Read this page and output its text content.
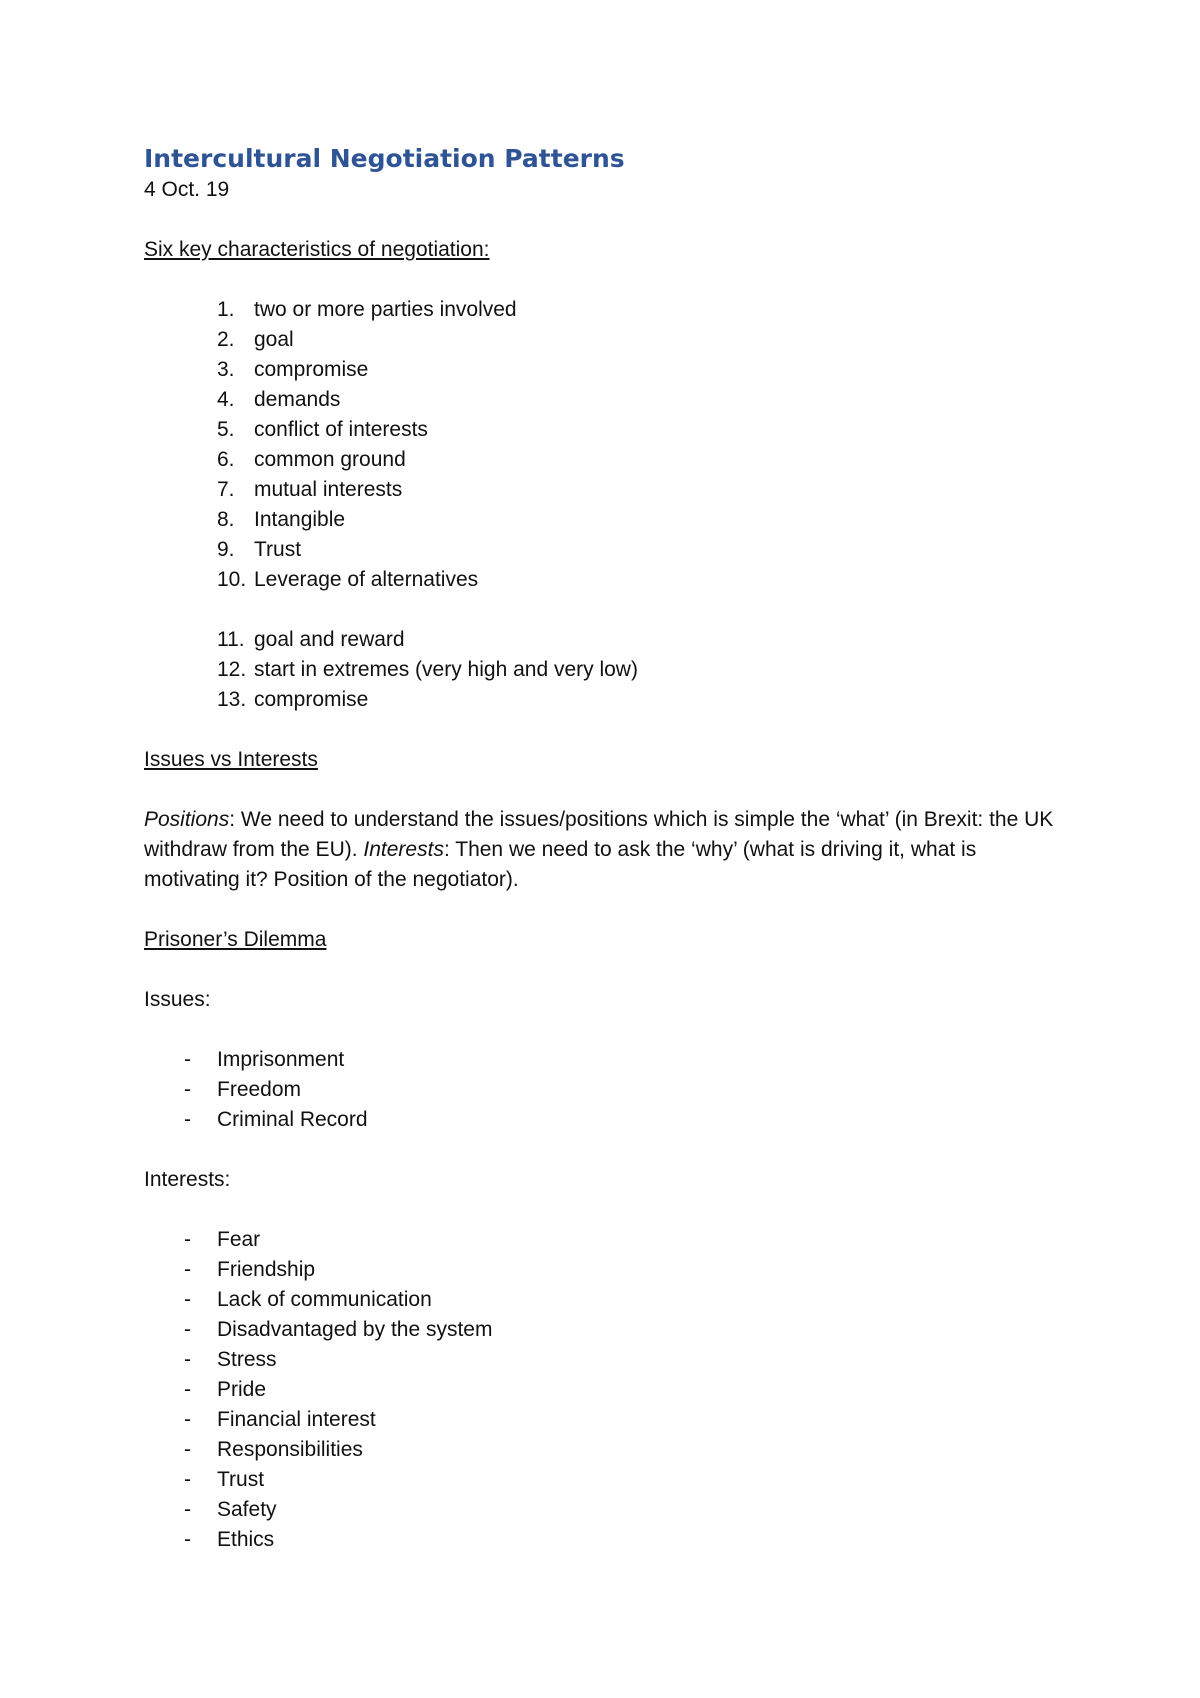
Intercultural Negotiation Patterns

4 Oct. 19

Six key characteristics of negotiation:

1. two or more parties involved
2. goal
3. compromise
4. demands
5. conflict of interests
6. common ground
7. mutual interests
8. Intangible
9. Trust
10. Leverage of alternatives
11. goal and reward
12. start in extremes (very high and very low)
13. compromise

Issues vs Interests

Positions: We need to understand the issues/positions which is simple the ‘what’ (in Brexit: the UK withdraw from the EU). Interests: Then we need to ask the ‘why’ (what is driving it, what is motivating it? Position of the negotiator).

Prisoner’s Dilemma

Issues:

-	Imprisonment
-	Freedom
-	Criminal Record

Interests:

-	Fear
-	Friendship
-	Lack of communication
-	Disadvantaged by the system
-	Stress
-	Pride
-	Financial interest
-	Responsibilities
-	Trust
-	Safety
-	Ethics
